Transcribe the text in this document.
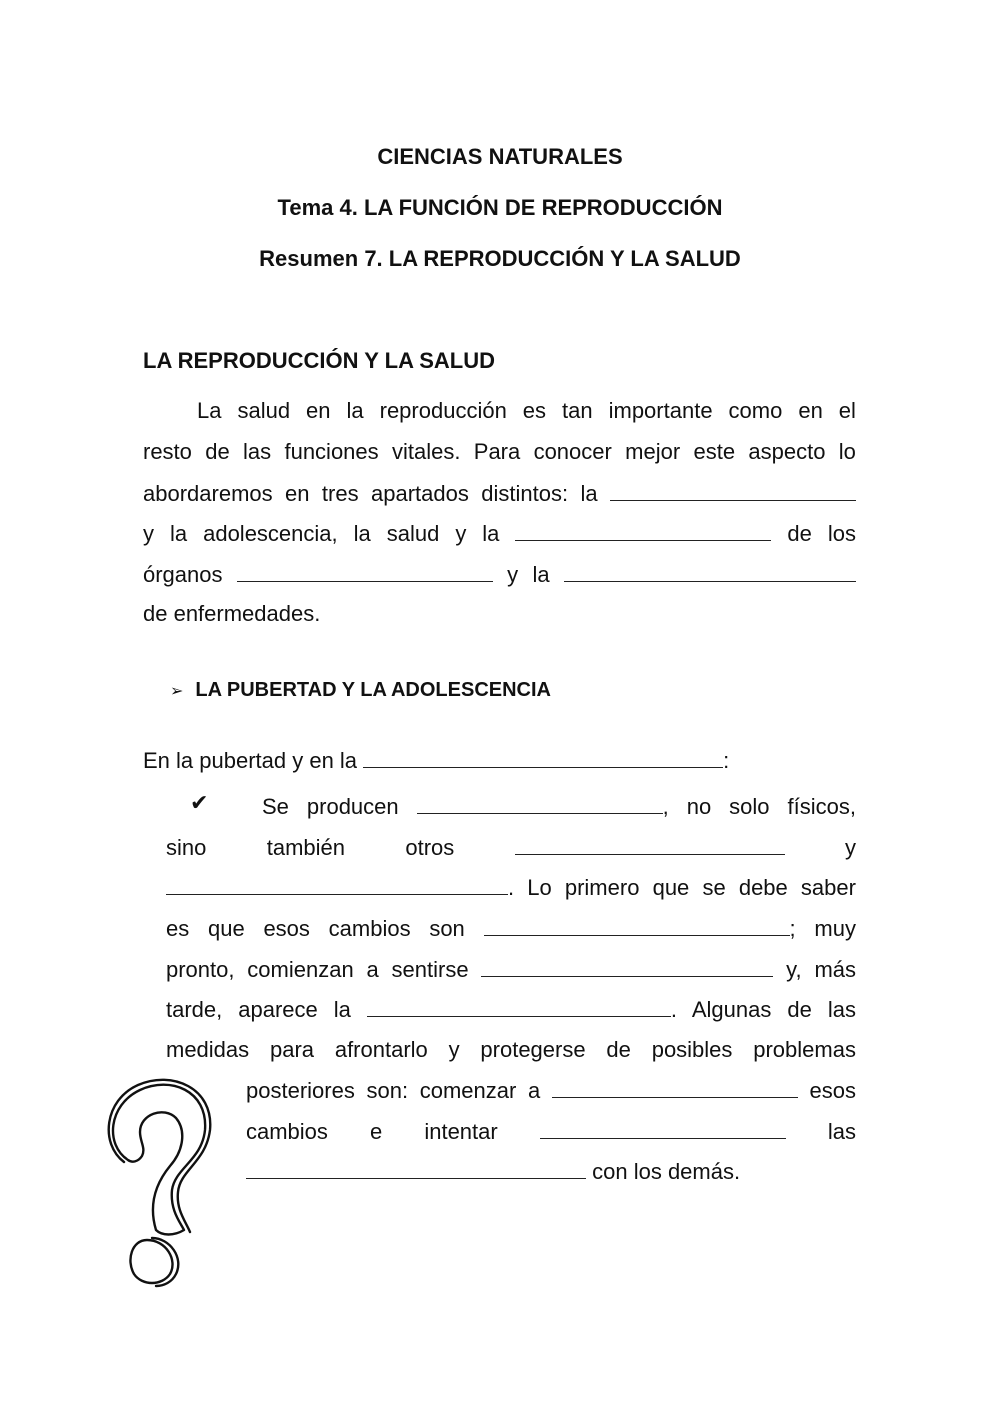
CIENCIAS NATURALES
Tema 4. LA FUNCIÓN DE REPRODUCCIÓN
Resumen 7. LA REPRODUCCIÓN Y LA SALUD
LA REPRODUCCIÓN Y LA SALUD
La salud en la reproducción es tan importante como en el
resto de las funciones vitales. Para conocer mejor este aspecto lo
abordaremos en tres apartados distintos: la
y la adolescencia, la salud y la	de los
órganos	y la
de enfermedades.
➢ LA PUBERTAD Y LA ADOLESCENCIA
En la pubertad y en la	:
✔ Se producen	, no solo físicos,
sino	también	otros	y
. Lo primero que se debe saber
es que esos cambios son	; muy
pronto, comienzan a sentirse	y, más
tarde, aparece la	. Algunas de las
medidas para afrontarlo y protegerse de posibles problemas
posteriores son: comenzar a	esos
cambios e intentar	las
con los demás.
